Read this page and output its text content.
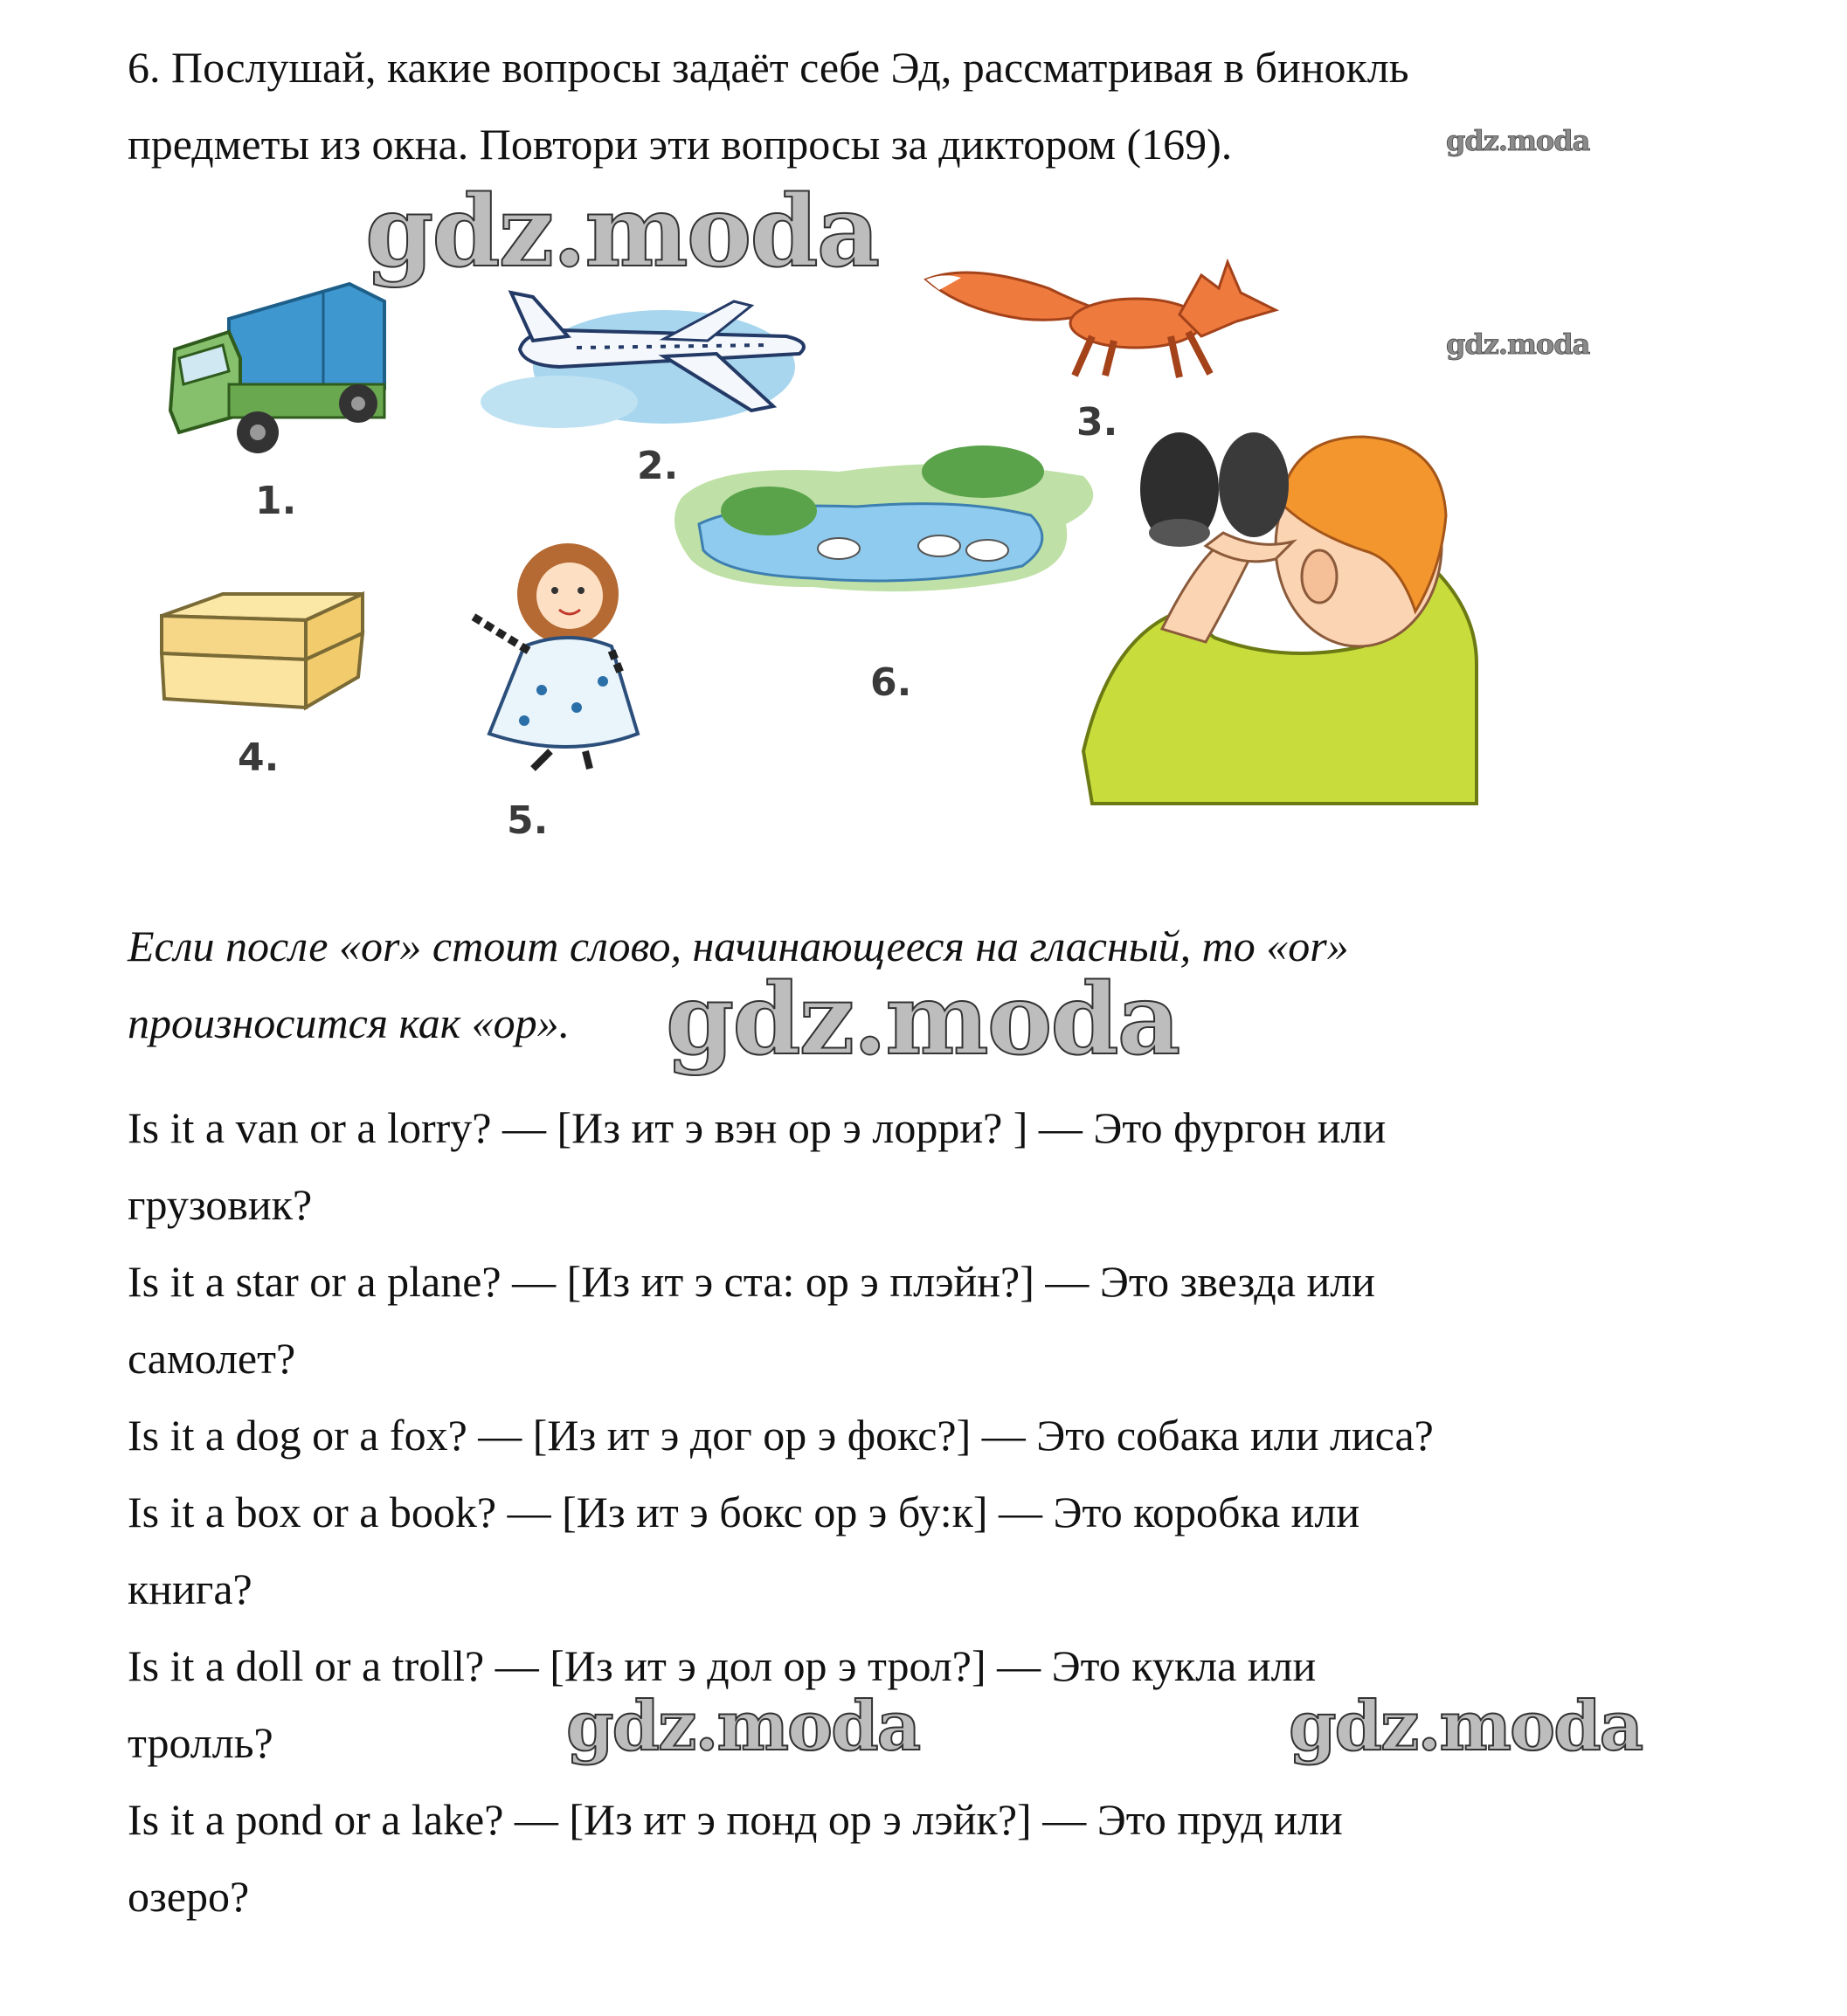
6. Послушай, какие вопросы задаёт себе Эд, рассматривая в бинокль
предметы из окна. Повтори эти вопросы за диктором (169).
1.
2.
3.
4.
5.
6.
Если после «or» стоит слово, начинающееся на гласный, то «or»
произносится как «ор».
Is it a van or a lorry? — [Из ит э вэн ор э лорри? ] — Это фургон или
грузовик?
Is it a star or a plane? — [Из ит э ста: ор э плэйн?] — Это звезда или
самолет?
Is it a dog or a fox? — [Из ит э дог ор э фокс?] — Это собака или лиса?
Is it a box or a book? — [Из ит э бокс ор э бу:к] — Это коробка или
книга?
Is it a doll or a troll? — [Из ит э дол ор э трол?] — Это кукла или
тролль?
Is it a pond or a lake? — [Из ит э понд ор э лэйк?] — Это пруд или
озеро?
gdz.moda
gdz.moda
gdz.moda
gdz.moda
gdz.moda	gdz.moda
